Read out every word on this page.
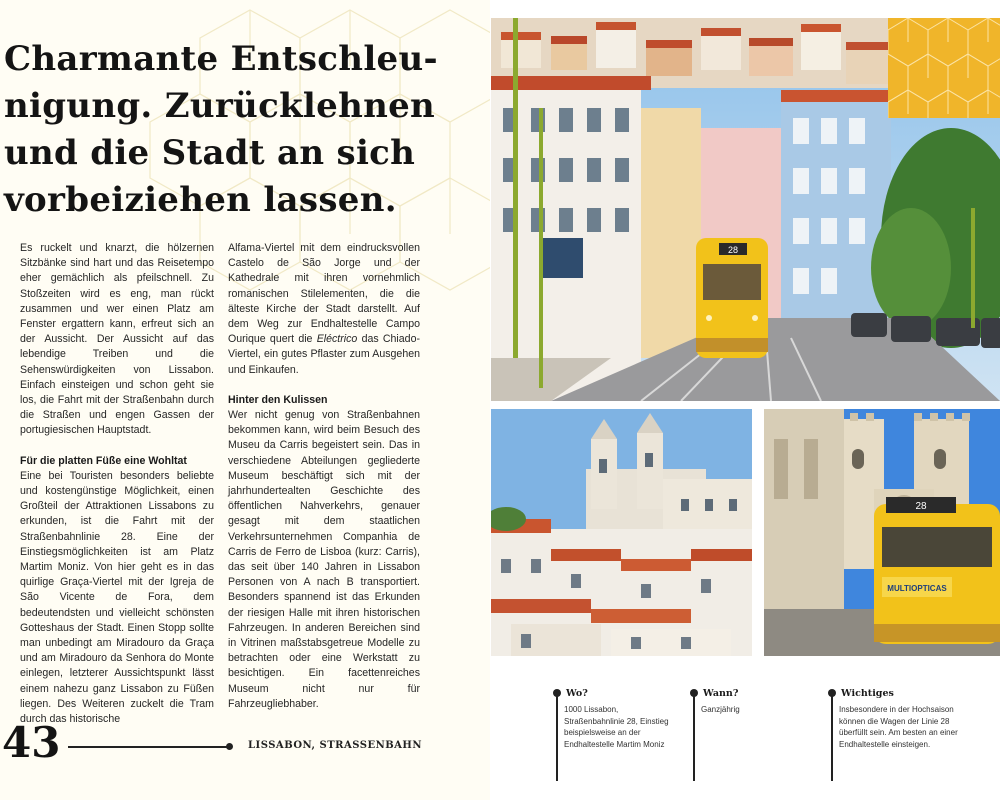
Charmante Entschleu-
nigung. Zurücklehnen
und die Stadt an sich
vorbeiziehen lassen.

Es ruckelt und knarzt, die hölzernen Sitzbänke sind hart und das Reisetempo eher gemächlich als pfeilschnell. Zu Stoßzeiten wird es eng, man rückt zusammen und wer einen Platz am Fenster ergattern kann, erfreut sich an der Aussicht. Der Aussicht auf das lebendige Treiben und die Sehenswürdigkeiten von Lissabon. Einfach einsteigen und schon geht sie los, die Fahrt mit der Straßenbahn durch die Straßen und engen Gassen der portugiesischen Hauptstadt.

Für die platten Füße eine Wohltat

Eine bei Touristen besonders beliebte und kostengünstige Möglichkeit, einen Großteil der Attraktionen Lissabons zu erkunden, ist die Fahrt mit der Straßenbahnlinie 28. Eine der Einstiegsmöglichkeiten ist am Platz Martim Moniz. Von hier geht es in das quirlige Graça-Viertel mit der Igreja de São Vicente de Fora, dem bedeutendsten und vielleicht schönsten Gotteshaus der Stadt. Einen Stopp sollte man unbedingt am Miradouro da Graça und am Miradouro da Senhora do Monte einlegen, letzterer Aussichtspunkt lässt einem nahezu ganz Lissabon zu Füßen liegen. Des Weiteren zuckelt die Tram durch das historische

Alfama-Viertel mit dem eindrucksvollen Castelo de São Jorge und der Kathedrale mit ihren vornehmlich romanischen Stilelementen, die die älteste Kirche der Stadt darstellt. Auf dem Weg zur Endhaltestelle Campo Ourique quert die Eléctrico das Chiado-Viertel, ein gutes Pflaster zum Ausgehen und Einkaufen.

Hinter den Kulissen

Wer nicht genug von Straßenbahnen bekommen kann, wird beim Besuch des Museu da Carris begeistert sein. Das in verschiedene Abteilungen gegliederte Museum beschäftigt sich mit der jahrhundertealten Geschichte des öffentlichen Nahverkehrs, genauer gesagt mit dem staatlichen Verkehrsunternehmen Companhia de Carris de Ferro de Lisboa (kurz: Carris), das seit über 140 Jahren in Lissabon Personen von A nach B transportiert. Besonders spannend ist das Erkunden der riesigen Halle mit ihren historischen Fahrzeugen. In anderen Bereichen sind in Vitrinen maßstabsgetreue Modelle zu betrachten oder eine Werkstatt zu besichtigen. Ein facettenreiches Museum nicht nur für Fahrzeugliebhaber.

43	LISSABON, STRASSENBAHN
28
28
MULTIOPTICAS

Wo?

1000 Lissabon, Straßenbahnlinie 28, Einstieg beispielsweise an der Endhaltestelle Martim Moniz

Wann?

Ganzjährig

Wichtiges

Insbesondere in der Hochsaison können die Wagen der Linie 28 überfüllt sein. Am besten an einer Endhaltestelle einsteigen.
